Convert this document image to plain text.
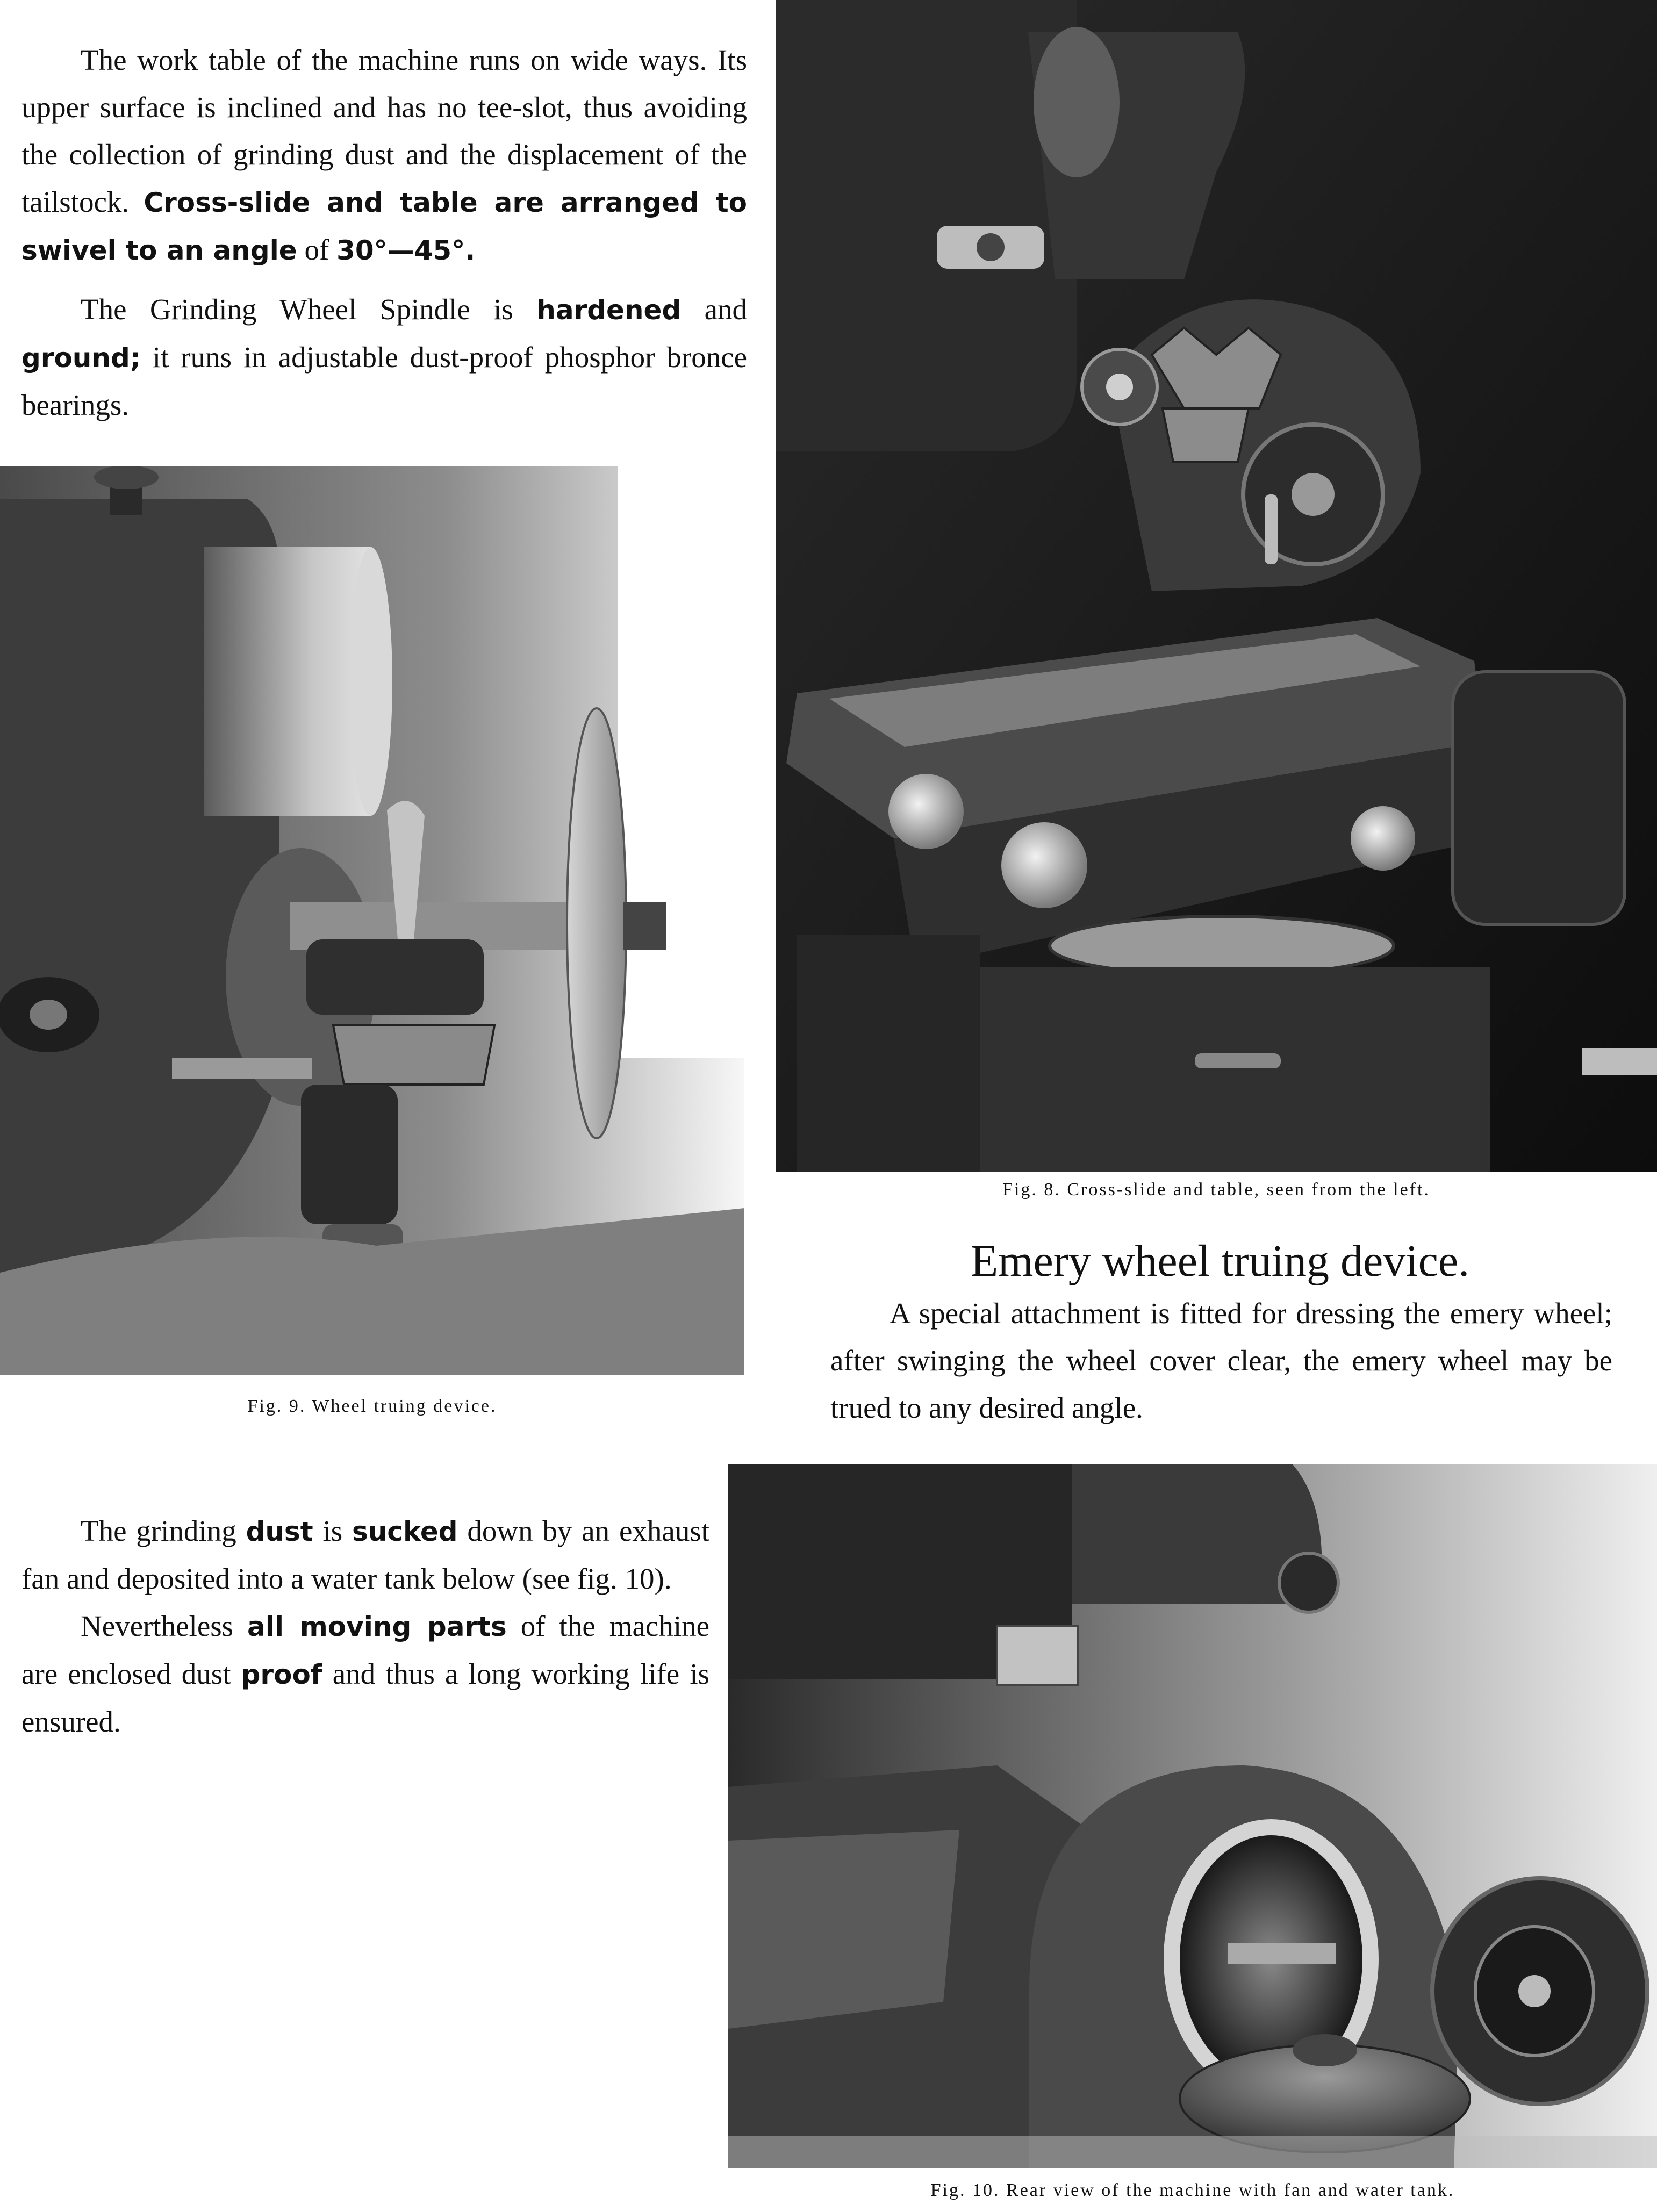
The work table of the machine runs on wide ways. Its upper surface is inclined and has no tee-slot, thus avoiding the collection of grinding dust and the displacement of the tailstock. Cross-slide and table are arranged to swivel to an angle of 30°—45°.

The Grinding Wheel Spindle is hardened and ground; it runs in adjustable dust-proof phosphor bronce bearings.

Fig. 8. Cross-slide and table, seen from the left.
Fig. 9. Wheel truing device.
Emery wheel truing device.

A special attachment is fitted for dressing the emery wheel; after swinging the wheel cover clear, the emery wheel may be trued to any desired angle.

The grinding dust is sucked down by an exhaust fan and deposited into a water tank below (see fig. 10).

Nevertheless all moving parts of the machine are enclosed dust proof and thus a long working life is ensured.

Fig. 10. Rear view of the machine with fan and water tank.
